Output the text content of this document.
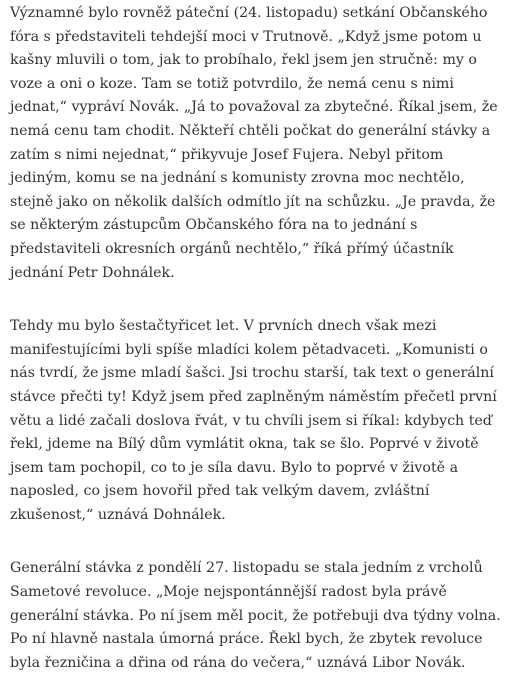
Významné bylo rovněž páteční (24. listopadu) setkání Občanského
fóra s představiteli tehdejší moci v Trutnově. „Když jsme potom u
kašny mluvili o tom, jak to probíhalo, řekl jsem jen stručně: my o
voze a oni o koze. Tam se totiž potvrdilo, že nemá cenu s nimi
jednat,“ vypráví Novák. „Já to považoval za zbytečné. Říkal jsem, že
nemá cenu tam chodit. Někteří chtěli počkat do generální stávky a
zatím s nimi nejednat,“ přikyvuje Josef Fujera. Nebyl přitom
jediným, komu se na jednání s komunisty zrovna moc nechtělo,
stejně jako on několik dalších odmítlo jít na schůzku. „Je pravda, že
se některým zástupcům Občanského fóra na to jednání s
představiteli okresních orgánů nechtělo,“ říká přímý účastník
jednání Petr Dohnálek.

Tehdy mu bylo šestačtyřicet let. V prvních dnech však mezi
manifestujícími byli spíše mladíci kolem pětadvaceti. „Komunisti o
nás tvrdí, že jsme mladí šašci. Jsi trochu starší, tak text o generální
stávce přečti ty! Když jsem před zaplněným náměstím přečetl první
větu a lidé začali doslova řvát, v tu chvíli jsem si říkal: kdybych teď
řekl, jdeme na Bílý dům vymlátit okna, tak se šlo. Poprvé v životě
jsem tam pochopil, co to je síla davu. Bylo to poprvé v životě a
naposled, co jsem hovořil před tak velkým davem, zvláštní
zkušenost,“ uznává Dohnálek.

Generální stávka z pondělí 27. listopadu se stala jedním z vrcholů
Sametové revoluce. „Moje nejspontánnější radost byla právě
generální stávka. Po ní jsem měl pocit, že potřebuji dva týdny volna.
Po ní hlavně nastala úmorná práce. Řekl bych, že zbytek revoluce
byla řezničina a dřina od rána do večera,“ uznává Libor Novák.
